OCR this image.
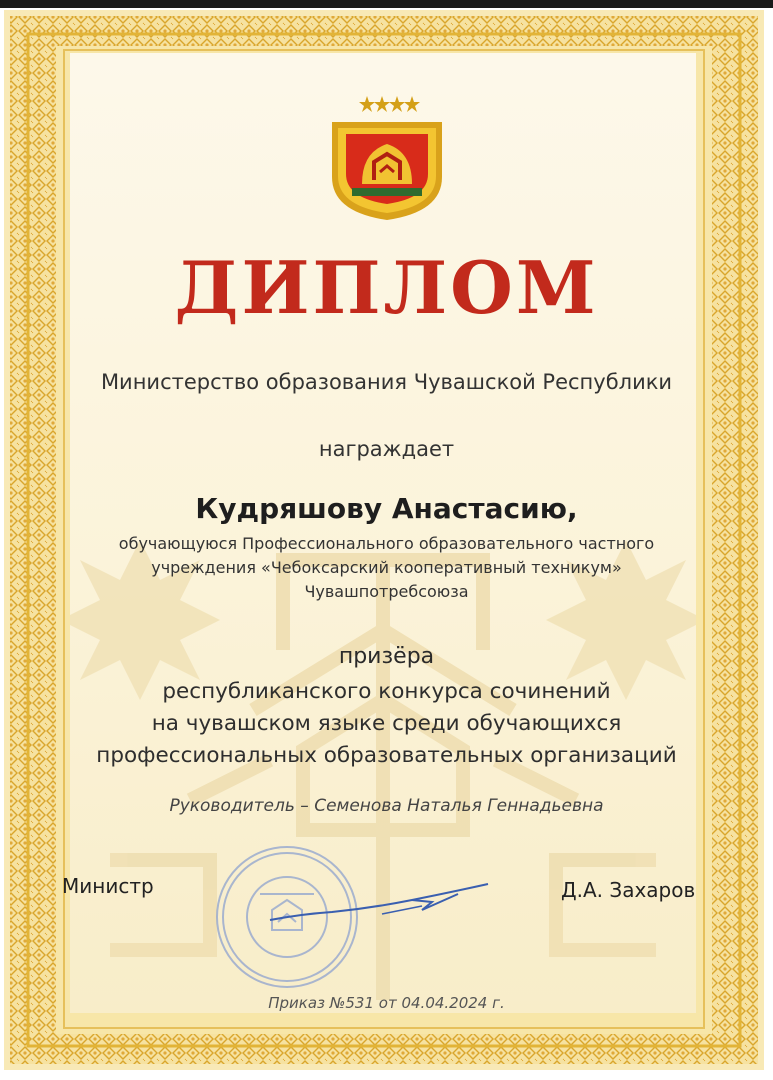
ДИПЛОМ
Министерство образования Чувашской Республики
награждает
Кудряшову Анастасию,
обучающуюся Профессионального образовательного частного
учреждения «Чебоксарский кооперативный техникум»
Чувашпотребсоюза
призёра
республиканского конкурса сочинений
на чувашском языке среди обучающихся
профессиональных образовательных организаций
Руководитель – Семенова Наталья Геннадьевна
Министр	Д.А. Захаров
Приказ №531 от 04.04.2024 г.
